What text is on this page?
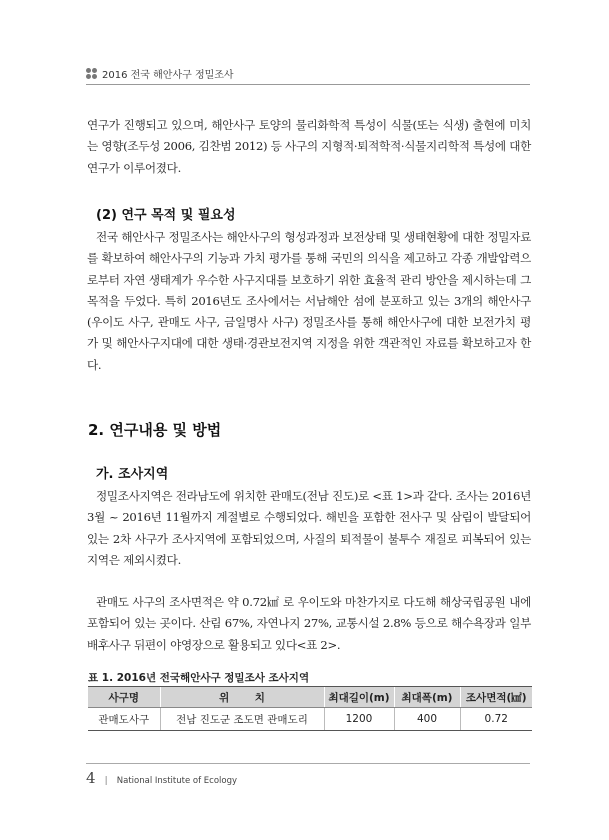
2016 전국 해안사구 정밀조사

연구가 진행되고 있으며, 해안사구 토양의 물리화학적 특성이 식물(또는 식생) 출현에 미치는 영향(조두성 2006, 김찬범 2012) 등 사구의 지형적·퇴적학적·식물지리학적 특성에 대한 연구가 이루어졌다.

(2) 연구 목적 및 필요성

전국 해안사구 정밀조사는 해안사구의 형성과정과 보전상태 및 생태현황에 대한 정밀자료를 확보하여 해안사구의 기능과 가치 평가를 통해 국민의 의식을 제고하고 각종 개발압력으로부터 자연 생태계가 우수한 사구지대를 보호하기 위한 효율적 관리 방안을 제시하는데 그 목적을 두었다. 특히 2016년도 조사에서는 서남해안 섬에 분포하고 있는 3개의 해안사구(우이도 사구, 관매도 사구, 금일명사 사구) 정밀조사를 통해 해안사구에 대한 보전가치 평가 및 해안사구지대에 대한 생태·경관보전지역 지정을 위한 객관적인 자료를 확보하고자 한다.

2. 연구내용 및 방법
가. 조사지역

정밀조사지역은 전라남도에 위치한 관매도(전남 진도)로 <표 1>과 같다. 조사는 2016년 3월 ~ 2016년 11월까지 계절별로 수행되었다. 해빈을 포함한 전사구 및 삼림이 발달되어 있는 2차 사구가 조사지역에 포함되었으며, 사질의 퇴적물이 불투수 재질로 피복되어 있는 지역은 제외시켰다.

관매도 사구의 조사면적은 약 0.72㎢ 로 우이도와 마찬가지로 다도해 해상국립공원 내에 포함되어 있는 곳이다. 산림 67%, 자연나지 27%, 교통시설 2.8% 등으로 해수욕장과 일부 배후사구 뒤편이 야영장으로 활용되고 있다<표 2>.

표 1. 2016년 전국해안사구 정밀조사 조사지역
사구명	위       치	최대길이(m)	최대폭(m)	조사면적(㎢)
관매도사구	전남 진도군 조도면 관매도리	1200	400	0.72
4 | National Institute of Ecology
